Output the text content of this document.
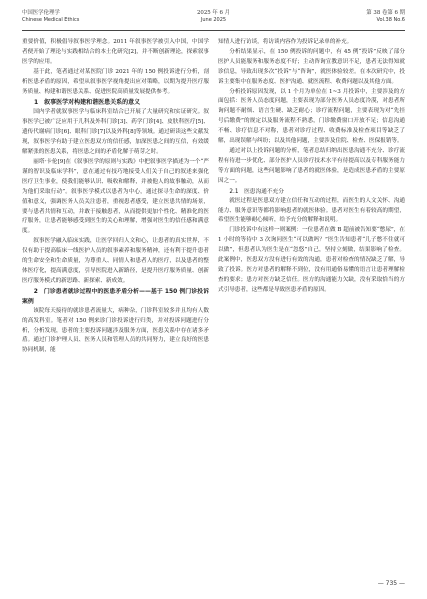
中国医学伦理学
Chinese Medical Ethics
2025 年 6 月
June 2025
第 38 卷第 6 期
Vol.38 No.6

重要价值，积极倡导叙事医学理念。2011 年叙事医学被引入中国，中国学者便开始了理论与实践相结合的本土化研究[2]，并不断创新理论，探索叙事医学的应用。

基于此，笔者通过对某医院门诊 2021 年的 150 例投诉进行分析，剖析医患矛盾的原因，希望从叙事医学视角提出应对策略，以期为提升医疗服务质量、构建和谐医患关系、促进医院高质量发展提供参考。

1　叙事医学对构建和谐医患关系的意义

国内学者就叙事医学与临床科室结合已开展了大量研究和实证研究。叙事医学已被广泛应用于儿科及外科门诊[3]、药学门诊[4]、皮肤科医疗[5]、遗传代谢病门诊[6]、眼科门诊[7]以及外科[8]等领域。通过研读这些文献发现，叙事医学有助于建立医患双方的信任感，加深医患之间的互信，有效缓解紧张的医患关系，将医患之间的矛盾化解于萌芽之时。

丽塔·卡伦[9]在《叙事医学的原则与实践》中把叙事医学描述为一个“严谨的智识及临床学科”，意在通过有技巧地接受人们关于自己的叙述来强化医疗卫生事业，使我们能够认识、吸收和解释，并被他人的故事触动，从而为他们采取行动”。叙事医学模式以患者为中心，通过探寻生命的深度、价值和意义，强调医务人员关注患者，重视患者感受，建立医患共情的场景，要与患者共情和互动，并敢于接触患者，从而提供更加个性化、精准化的医疗服务，让患者能够感受到医生的关心和理解，增强对医生的信任感和满意度。

叙事医学融入临床实践，让医学回归人文和心，让患者的真实世界，不仅有助于提高临床一线医护人员的叙事素养和服务精神，还有利于提升患者的生命安全和生命质量，为尊重人、同情人和患者人的医疗，以及患者的整体医疗化，提高满意度，引导医院进入新路径，是提升医疗服务质量、创新医疗服务模式的新思路、新探索、新成效。

2　门诊患者就诊过程中的医患矛盾分析——基于 150 例门诊投诉案例

该院每天接待的就诊患者流量大，病种杂，门诊科室较多并且均有人数的高发科室。笔者对 150 例来诊门诊投诉进行归类，并对投诉问题进行分析，分析发现，患者的主要投诉问题涉及服务方面，医患关系中存在诸多矛盾。通过门诊护理人员、医务人员和管理人员的共同努力，建立良好的医患协同机制，能

知情人进行访谈，将访谈内容作为投诉记录单的补充。

分析结果显示，在 150 例投诉的问题中，有 45 例“投诉”反映了部分医护人员能服务和服务态度不好；主动咨询宣教意识不足，患者无法得知就诊信息，导致出现多次“投诉”与“咨询”，就医体验较差。在本次研究中，投诉主要集中在服务态度、医护沟通、就医流程、收费问题以及其他方面。

分析投诉原因发现，以 1 个月为单位在 1~3 月投诉中，主要涉及的方面包括：医务人员态度问题，主要表现为部分医务人员态度冷漠，对患者所询问题不耐烦、语言生硬、缺乏耐心；诊疗流程问题，主要表现为对“先挂号后缴费”的规定以及服务流程不熟悉，门诊缴费窗口开放不足；信息沟通不畅、诊疗信息不对称，患者对诊疗过程、收费标准及检查项目等缺乏了解，出现误解与纠纷；以及其他问题，主要涉及住院、检查、医保报销等。

通过对以上投诉问题的分析，笔者总结归纳出医患沟通不充分、诊疗流程有待进一步优化、部分医护人员诊疗技术水平有待提高以及专科服务能力等方面的问题，这些问题影响了患者的就医体验，是造成医患矛盾的主要原因之一。

2.1　医患沟通不充分

就医过程是医患双方建立信任和互动的过程，而医生的人文关怀、沟通能力、服务意识等都将影响患者的就医体验。患者对医生有着较高的期望，希望医生能够耐心倾听，给予充分的解释和说明。

门诊投诉中有这样一则案例：一位患者在做 B 超前被告知要“憋尿”，在 1 小时的等待中 3 次询问医生“可以做吗？”医生告知患者“儿子憋不住就可以做”，但患者认为医生是在“忽悠”自己，坚持立刻做，结果影响了检查。此案例中，医患双方没有进行有效的沟通，患者对检查的情况缺乏了解，导致了投诉。医方对患者的解释不到位，没有用通俗易懂的语言让患者理解检查的要求；患方对医方缺乏信任。医方的沟通能力欠缺，没有采取恰当的方式引导患者，这些都是导致医患矛盾的原因。

— 735 —
